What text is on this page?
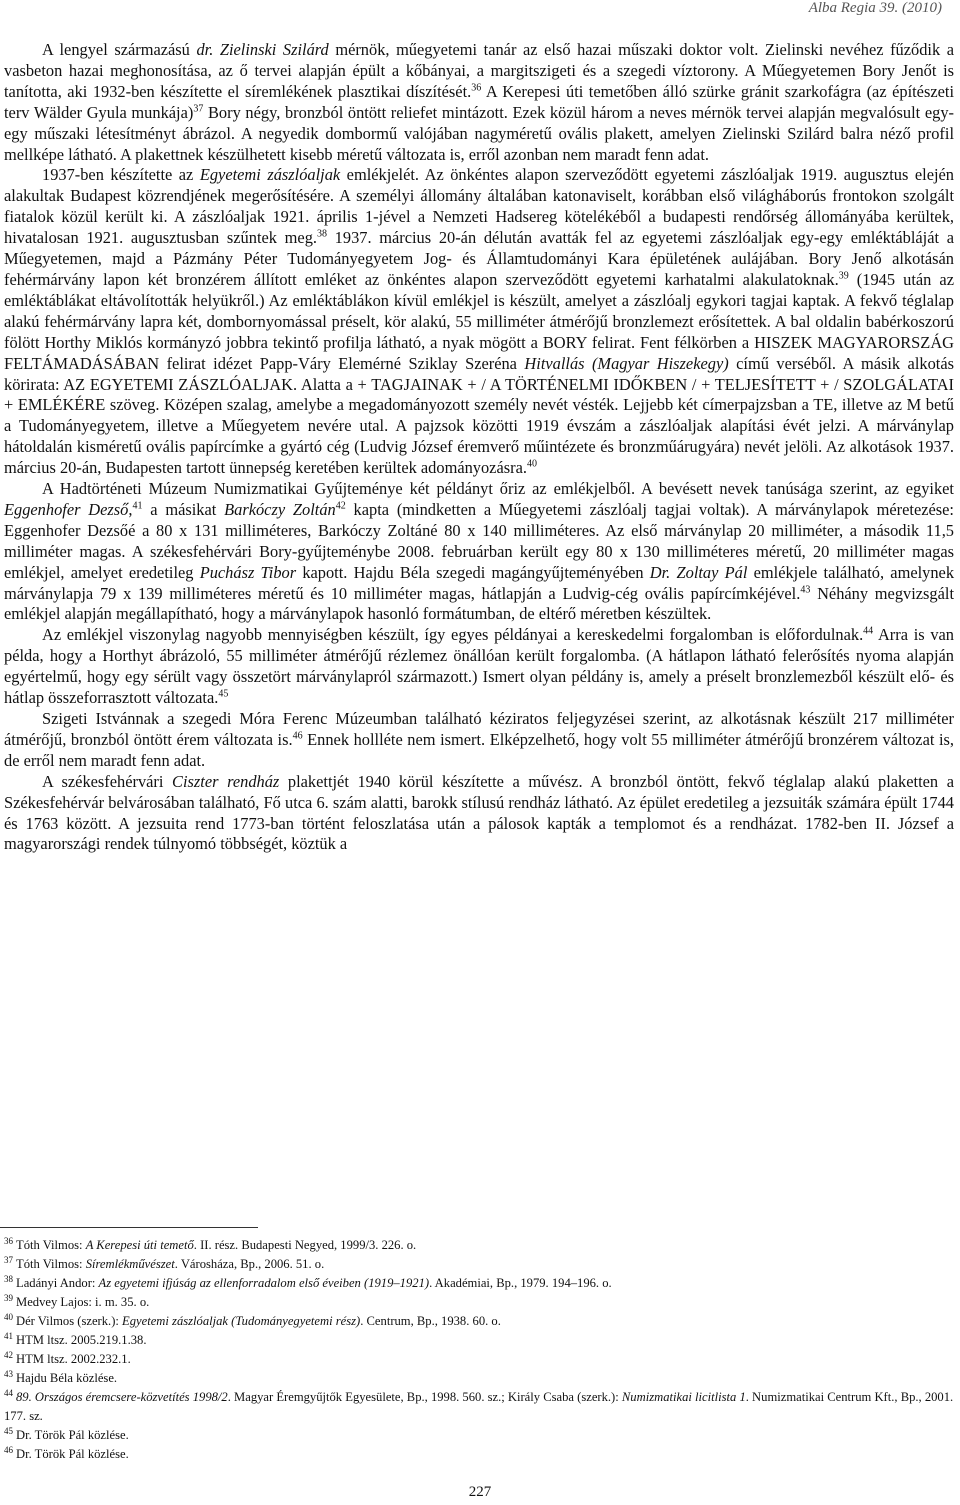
Alba Regia 39. (2010)

A lengyel származású dr. Zielinski Szilárd mérnök, műegyetemi tanár az első hazai műszaki doktor volt. Zielinski nevéhez fűződik a vasbeton hazai meghonosítása, az ő tervei alapján épült a kőbányai, a margitszigeti és a szegedi víztorony. A Műegyetemen Bory Jenőt is tanította, aki 1932-ben készítette el síremlékének plasztikai díszítését.$^{36}$ A Kerepesi úti temetőben álló szürke gránit szarkofágra (az építészeti terv Wälder Gyula munkája)$^{37}$ Bory négy, bronzból öntött reliefet mintázott. Ezek közül három a neves mérnök tervei alapján megvalósult egy-egy műszaki létesítményt ábrázol. A negyedik dombormű valójában nagyméretű ovális plakett, amelyen Zielinski Szilárd balra néző profil mellképe látható. A plakettnek készülhetett kisebb méretű változata is, erről azonban nem maradt fenn adat.

1937-ben készítette az Egyetemi zászlóaljak emlékjelét. Az önkéntes alapon szerveződött egyetemi zászlóaljak 1919. augusztus elején alakultak Budapest közrendjének megerősítésére. A személyi állomány általában katonaviselt, korábban első világháborús frontokon szolgált fiatalok közül került ki. A zászlóaljak 1921. április 1-jével a Nemzeti Hadsereg kötelékéből a budapesti rendőrség állományába kerültek, hivatalosan 1921. augusztusban szűntek meg.$^{38}$ 1937. március 20-án délután avatták fel az egyetemi zászlóaljak egy-egy emléktábláját a Műegyetemen, majd a Pázmány Péter Tudományegyetem Jog- és Államtudományi Kara épületének aulájában. Bory Jenő alkotásán fehérmárvány lapon két bronzérem állított emléket az önkéntes alapon szerveződött egyetemi karhatalmi alakulatoknak.$^{39}$ (1945 után az emléktáblákat eltávolították helyükről.) Az emléktáblákon kívül emlékjel is készült, amelyet a zászlóalj egykori tagjai kaptak. A fekvő téglalap alakú fehérmárvány lapra két, dombornyomással préselt, kör alakú, 55 milliméter átmérőjű bronzlemezt erősítettek. A bal oldalin babérkoszorú fölött Horthy Miklós kormányzó jobbra tekintő profilja látható, a nyak mögött a BORY felirat. Fent félkörben a HISZEK MAGYARORSZÁG FELTÁMADÁSÁBAN felirat idézet Papp-Váry Elemérné Sziklay Szeréna Hitvallás (Magyar Hiszekegy) című verséből. A másik alkotás körirata: AZ EGYETEMI ZÁSZLÓALJAK. Alatta a + TAGJAINAK + / A TÖRTÉNELMI IDŐKBEN / + TELJESÍTETT + / SZOLGÁLATAI + EMLÉKÉRE szöveg. Középen szalag, amelybe a megadományozott személy nevét vésték. Lejjebb két címerpajzsban a TE, illetve az M betű a Tudományegyetem, illetve a Műegyetem nevére utal. A pajzsok közötti 1919 évszám a zászlóaljak alapítási évét jelzi. A márványlap hátoldalán kisméretű ovális papírcímke a gyártó cég (Ludvig József éremverő műintézete és bronzműárugyára) nevét jelöli. Az alkotások 1937. március 20-án, Budapesten tartott ünnepség keretében kerültek adományozásra.$^{40}$

A Hadtörténeti Múzeum Numizmatikai Gyűjteménye két példányt őriz az emlékjelből. A bevésett nevek tanúsága szerint, az egyiket Eggenhofer Dezső,$^{41}$ a másikat Barkóczy Zoltán$^{42}$ kapta (mindketten a Műegyetemi zászlóalj tagjai voltak). A márványlapok méretezése: Eggenhofer Dezsőé a 80 x 131 milliméteres, Barkóczy Zoltáné 80 x 140 milliméteres. Az első márványlap 20 milliméter, a második 11,5 milliméter magas. A székesfehérvári Bory-gyűjteménybe 2008. februárban került egy 80 x 130 milliméteres méretű, 20 milliméter magas emlékjel, amelyet eredetileg Puchász Tibor kapott. Hajdu Béla szegedi magángyűjteményében Dr. Zoltay Pál emlékjele található, amelynek márványlapja 79 x 139 milliméteres méretű és 10 milliméter magas, hátlapján a Ludvig-cég ovális papírcímkéjével.$^{43}$ Néhány megvizsgált emlékjel alapján megállapítható, hogy a márványlapok hasonló formátumban, de eltérő méretben készültek.

Az emlékjel viszonylag nagyobb mennyiségben készült, így egyes példányai a kereskedelmi forgalomban is előfordulnak.$^{44}$ Arra is van példa, hogy a Horthyt ábrázoló, 55 milliméter átmérőjű rézlemez önállóan került forgalomba. (A hátlapon látható felerősítés nyoma alapján egyértelmű, hogy egy sérült vagy összetört márványlapról származott.) Ismert olyan példány is, amely a préselt bronzlemezből készült elő- és hátlap összeforrasztott változata.$^{45}$

Szigeti Istvánnak a szegedi Móra Ferenc Múzeumban található kéziratos feljegyzései szerint, az alkotásnak készült 217 milliméter átmérőjű, bronzból öntött érem változata is.$^{46}$ Ennek hollléte nem ismert. Elképzelhető, hogy volt 55 milliméter átmérőjű bronzérem változat is, de erről nem maradt fenn adat.

A székesfehérvári Ciszter rendház plakettjét 1940 körül készítette a művész. A bronzból öntött, fekvő téglalap alakú plaketten a Székesfehérvár belvárosában található, Fő utca 6. szám alatti, barokk stílusú rendház látható. Az épület eredetileg a jezsuiták számára épült 1744 és 1763 között. A jezsuita rend 1773-ban történt feloszlatása után a pálosok kapták a templomot és a rendházat. 1782-ben II. József a magyarországi rendek túlnyomó többségét, köztük a

$^{36}$ Tóth Vilmos: A Kerepesi úti temető. II. rész. Budapesti Negyed, 1999/3. 226. o.

$^{37}$ Tóth Vilmos: Síremlékművészet. Városháza, Bp., 2006. 51. o.

$^{38}$ Ladányi Andor: Az egyetemi ifjúság az ellenforradalom első éveiben (1919–1921). Akadémiai, Bp., 1979. 194–196. o.

$^{39}$ Medvey Lajos: i. m. 35. o.

$^{40}$ Dér Vilmos (szerk.): Egyetemi zászlóaljak (Tudományegyetemi rész). Centrum, Bp., 1938. 60. o.

$^{41}$ HTM ltsz. 2005.219.1.38.

$^{42}$ HTM ltsz. 2002.232.1.

$^{43}$ Hajdu Béla közlése.

$^{44}$ 89. Országos éremcsere-közvetítés 1998/2. Magyar Éremgyűjtők Egyesülete, Bp., 1998. 560. sz.; Király Csaba (szerk.): Numizmatikai licitlista 1. Numizmatikai Centrum Kft., Bp., 2001. 177. sz.

$^{45}$ Dr. Török Pál közlése.

$^{46}$ Dr. Török Pál közlése.

227
